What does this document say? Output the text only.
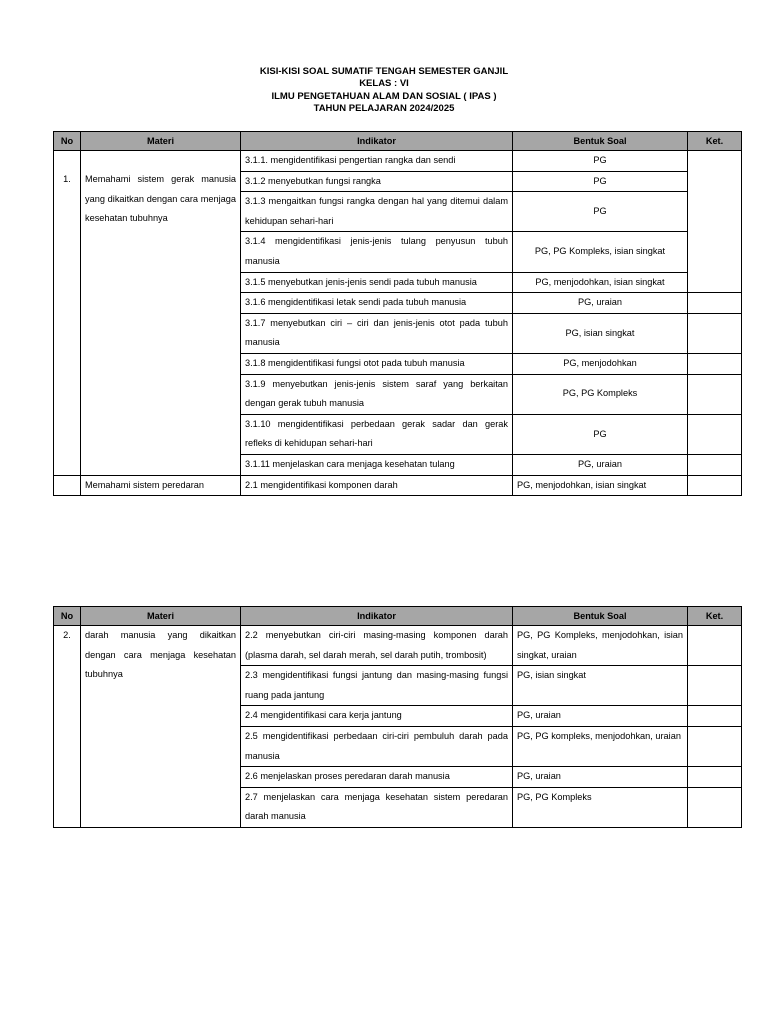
KISI-KISI SOAL SUMATIF TENGAH SEMESTER GANJIL
KELAS : VI
ILMU PENGETAHUAN ALAM DAN SOSIAL ( IPAS )
TAHUN PELAJARAN 2024/2025
No	Materi	Indikator	Bentuk Soal	Ket.
1.	Memahami sistem gerak manusia yang dikaitkan dengan cara menjaga kesehatan tubuhnya	3.1.1. mengidentifikasi pengertian rangka dan sendi	PG	
		3.1.2 menyebutkan fungsi rangka	PG	
		3.1.3 mengaitkan fungsi rangka dengan hal yang ditemui dalam kehidupan sehari-hari	PG	
		3.1.4 mengidentifikasi jenis-jenis tulang penyusun tubuh manusia	PG, PG Kompleks, isian singkat	
		3.1.5 menyebutkan jenis-jenis sendi pada tubuh manusia	PG, menjodohkan, isian singkat	
		3.1.6 mengidentifikasi letak sendi pada tubuh manusia	PG, uraian	
		3.1.7 menyebutkan ciri – ciri dan jenis-jenis otot pada tubuh manusia	PG, isian singkat	
		3.1.8 mengidentifikasi fungsi otot pada tubuh manusia	PG, menjodohkan	
		3.1.9 menyebutkan jenis-jenis sistem saraf yang berkaitan dengan gerak tubuh manusia	PG, PG Kompleks	
		3.1.10 mengidentifikasi perbedaan gerak sadar dan gerak refleks di kehidupan sehari-hari	PG	
		3.1.11 menjelaskan cara menjaga kesehatan tulang	PG, uraian	
	Memahami sistem peredaran	2.1 mengidentifikasi komponen darah	PG, menjodohkan, isian singkat	
No	Materi	Indikator	Bentuk Soal	Ket.
2.	darah manusia yang dikaitkan dengan cara menjaga kesehatan tubuhnya	2.2 menyebutkan ciri-ciri masing-masing komponen darah (plasma darah, sel darah merah, sel darah putih, trombosit)	PG, PG Kompleks, menjodohkan, isian singkat, uraian	
		2.3 mengidentifikasi fungsi jantung dan masing-masing fungsi ruang pada jantung	PG, isian singkat	
		2.4 mengidentifikasi cara kerja jantung	PG, uraian	
		2.5 mengidentifikasi perbedaan ciri-ciri pembuluh darah pada manusia	PG, PG kompleks, menjodohkan, uraian	
		2.6 menjelaskan proses peredaran darah manusia	PG, uraian	
		2.7 menjelaskan cara menjaga kesehatan sistem peredaran darah manusia	PG, PG Kompleks	
